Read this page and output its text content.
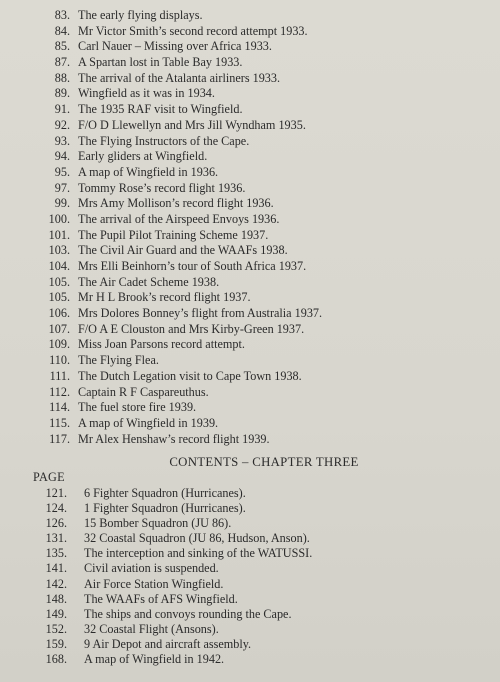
83. The early flying displays.
84. Mr Victor Smith’s second record attempt 1933.
85. Carl Nauer – Missing over Africa 1933.
87. A Spartan lost in Table Bay 1933.
88. The arrival of the Atalanta airliners 1933.
89. Wingfield as it was in 1934.
91. The 1935 RAF visit to Wingfield.
92. F/O D Llewellyn and Mrs Jill Wyndham 1935.
93. The Flying Instructors of the Cape.
94. Early gliders at Wingfield.
95. A map of Wingfield in 1936.
97. Tommy Rose’s record flight 1936.
99. Mrs Amy Mollison’s record flight 1936.
100. The arrival of the Airspeed Envoys 1936.
101. The Pupil Pilot Training Scheme 1937.
103. The Civil Air Guard and the WAAFs 1938.
104. Mrs Elli Beinhorn’s tour of South Africa 1937.
105. The Air Cadet Scheme 1938.
105. Mr H L Brook’s record flight 1937.
106. Mrs Dolores Bonney’s flight from Australia 1937.
107. F/O A E Clouston and Mrs Kirby-Green 1937.
109. Miss Joan Parsons record attempt.
110. The Flying Flea.
111. The Dutch Legation visit to Cape Town 1938.
112. Captain R F Caspareuthus.
114. The fuel store fire 1939.
115. A map of Wingfield in 1939.
117. Mr Alex Henshaw’s record flight 1939.
CONTENTS – CHAPTER THREE
PAGE
121. 6 Fighter Squadron (Hurricanes).
124. 1 Fighter Squadron (Hurricanes).
126. 15 Bomber Squadron (JU 86).
131. 32 Coastal Squadron (JU 86, Hudson, Anson).
135. The interception and sinking of the WATUSSI.
141. Civil aviation is suspended.
142. Air Force Station Wingfield.
148. The WAAFs of AFS Wingfield.
149. The ships and convoys rounding the Cape.
152. 32 Coastal Flight (Ansons).
159. 9 Air Depot and aircraft assembly.
168. A map of Wingfield in 1942.
